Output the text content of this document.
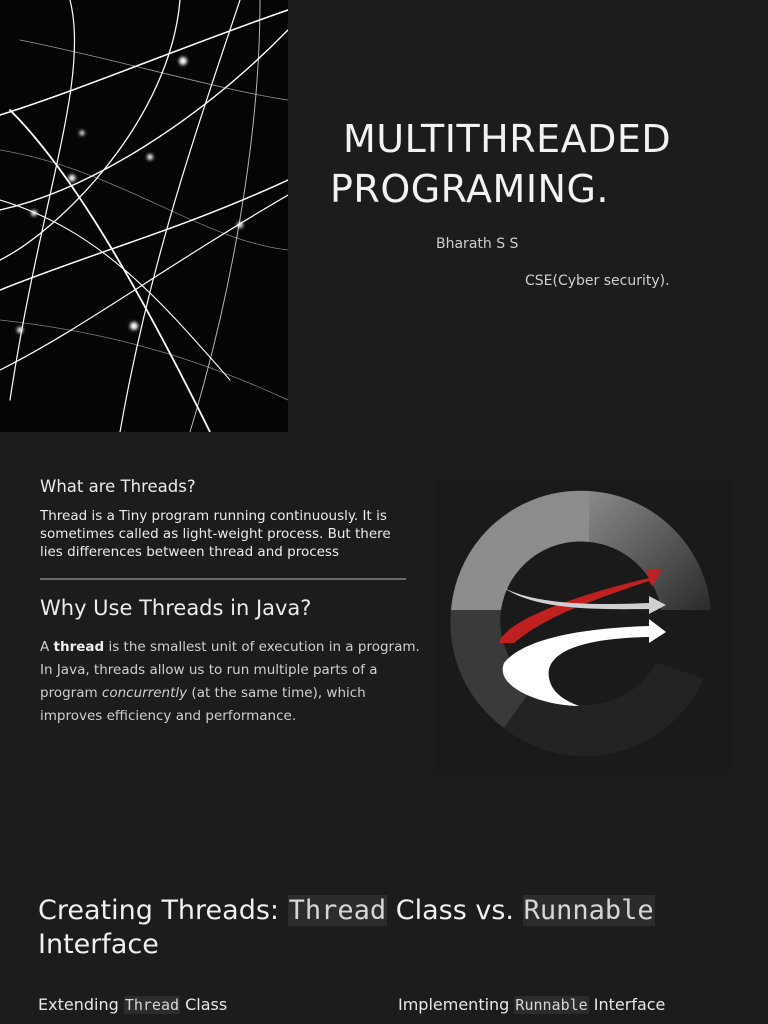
MULTITHREADED
PROGRAMING.
Bharath S S
CSE(Cyber security).
What are Threads?

Thread is a Tiny program running continuously. It is sometimes called as light-weight process. But there lies differences between thread and process

Why Use Threads in Java?

A thread is the smallest unit of execution in a program. In Java, threads allow us to run multiple parts of a program concurrently (at the same time), which improves efficiency and performance.

Creating Threads: Thread Class vs. Runnable
Interface
Extending Thread Class	Implementing Runnable Interface
